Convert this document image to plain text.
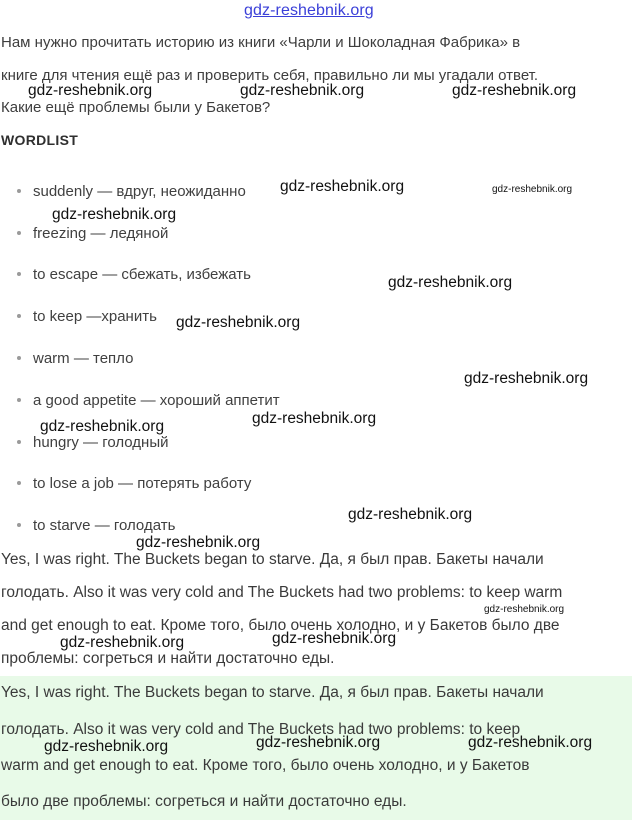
gdz-reshebnik.org
Нам нужно прочитать историю из книги «Чарли и Шоколадная Фабрика» в
книге для чтения ещё раз и проверить себя, правильно ли мы угадали ответ.
Какие ещё проблемы были у Бакетов?
WORDLIST
suddenly — вдруг, неожиданно
freezing — ледяной
to escape — сбежать, избежать
to keep —хранить
warm — тепло
a good appetite — хороший аппетит
hungry — голодный
to lose a job — потерять работу
to starve — голодать
Yes, I was right. The Buckets began to starve. Да, я был прав. Бакеты начали
голодать. Also it was very cold and The Buckets had two problems: to keep warm
and get enough to eat. Кроме того, было очень холодно, и у Бакетов было две
проблемы: согреться и найти достаточно еды.
Yes, I was right. The Buckets began to starve. Да, я был прав. Бакеты начали
голодать. Also it was very cold and The Buckets had two problems: to keep
warm and get enough to eat. Кроме того, было очень холодно, и у Бакетов
было две проблемы: согреться и найти достаточно еды.
gdz-reshebnik.org	gdz-reshebnik.org	gdz-reshebnik.org
gdz-reshebnik.org	gdz-reshebnik.org
gdz-reshebnik.org
gdz-reshebnik.org
gdz-reshebnik.org
gdz-reshebnik.org
gdz-reshebnik.org
gdz-reshebnik.org
gdz-reshebnik.org
gdz-reshebnik.org
gdz-reshebnik.org
gdz-reshebnik.org
gdz-reshebnik.org
gdz-reshebnik.org	gdz-reshebnik.org	gdz-reshebnik.org
